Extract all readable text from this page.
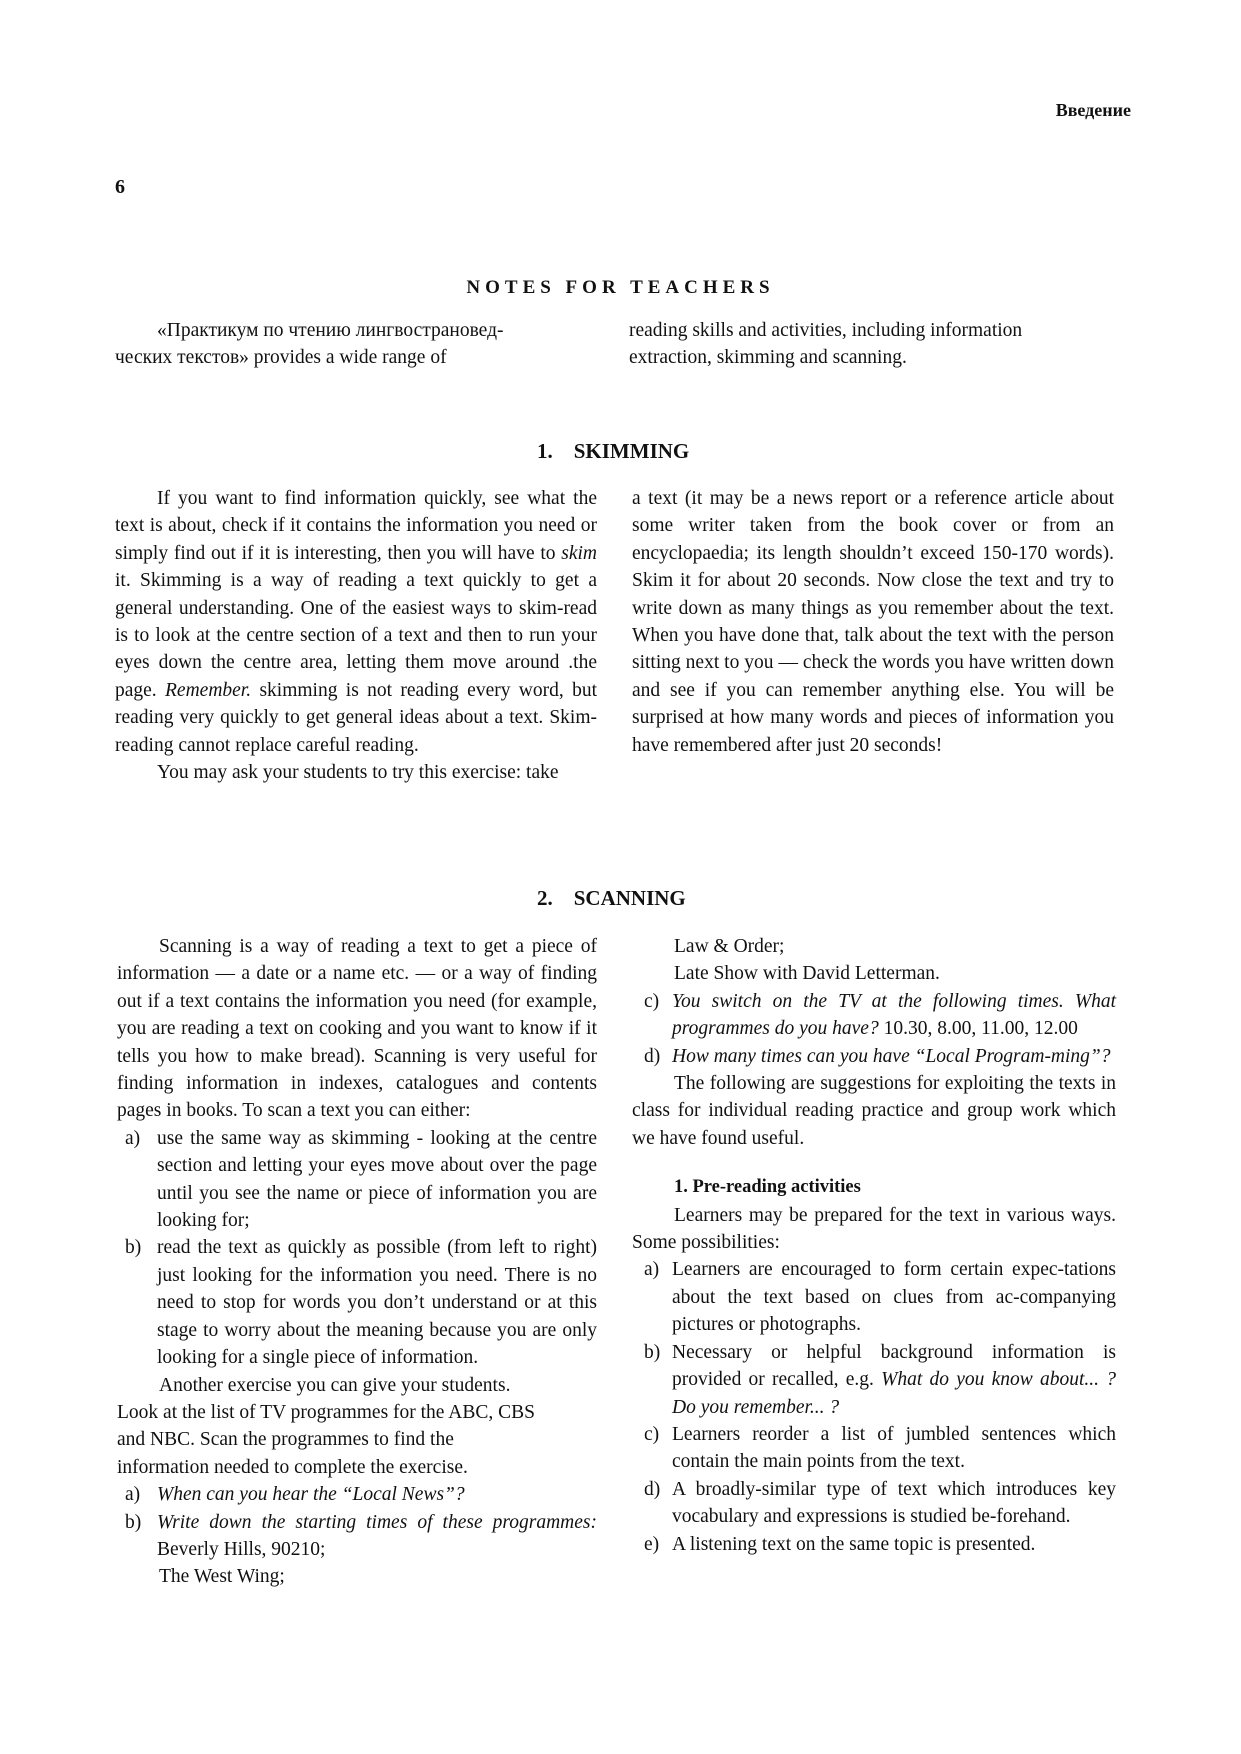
Введение
6
NOTES FOR TEACHERS

«Практикум по чтению лингвострановед-

ческих текстов» provides a wide range of

reading skills and activities, including information

extraction, skimming and scanning.

1.    SKIMMING

If you want to find information quickly, see what the text is about, check if it contains the information you need or simply find out if it is interesting, then you will have to skim it. Skimming is a way of reading a text quickly to get a general understanding. One of the easiest ways to skim-read is to look at the centre section of a text and then to run your eyes down the centre area, letting them move around .the page. Remember. skimming is not reading every word, but reading very quickly to get general ideas about a text. Skim-reading cannot replace careful reading.

You may ask your students to try this exercise: take

a text (it may be a news report or a reference article about some writer taken from the book cover or from an encyclopaedia; its length shouldn’t exceed 150-170 words). Skim it for about 20 seconds. Now close the text and try to write down as many things as you remember about the text. When you have done that, talk about the text with the person sitting next to you — check the words you have written down and see if you can remember anything else. You will be surprised at how many words and pieces of information you have remembered after just 20 seconds!

2.    SCANNING

Scanning is a way of reading a text to get a piece of information — a date or a name etc. — or a way of finding out if a text contains the information you need (for example, you are reading a text on cooking and you want to know if it tells you how to make bread). Scanning is very useful for finding information in indexes, catalogues and contents pages in books. To scan a text you can either:

a) use the same way as skimming - looking at the centre section and letting your eyes move about over the page until you see the name or piece of information you are looking for;
b) read the text as quickly as possible (from left to right) just looking for the information you need. There is no need to stop for words you don’t understand or at this stage to worry about the meaning because you are only looking for a single piece of information.

Another exercise you can give your students.

Look at the list of TV programmes for the ABC, CBS

and NBC. Scan the programmes to find the

information needed to complete the exercise.

a) When can you hear the “Local News”?
b) Write down the starting times of these programmes: Beverly Hills, 90210;

The West Wing;

Law & Order;

Late Show with David Letterman.

c) You switch on the TV at the following times. What programmes do you have? 10.30, 8.00, 11.00, 12.00
d) How many times can you have “Local Program-ming”?

The following are suggestions for exploiting the texts in class for individual reading practice and group work which we have found useful.

1. Pre-reading activities

Learners may be prepared for the text in various ways. Some possibilities:

a) Learners are encouraged to form certain expec-tations about the text based on clues from ac-companying pictures or photographs.
b) Necessary or helpful background information is provided or recalled, e.g. What do you know about... ? Do you remember... ?
c) Learners reorder a list of jumbled sentences which contain the main points from the text.
d) A broadly-similar type of text which introduces key vocabulary and expressions is studied be-forehand.
e) A listening text on the same topic is presented.
